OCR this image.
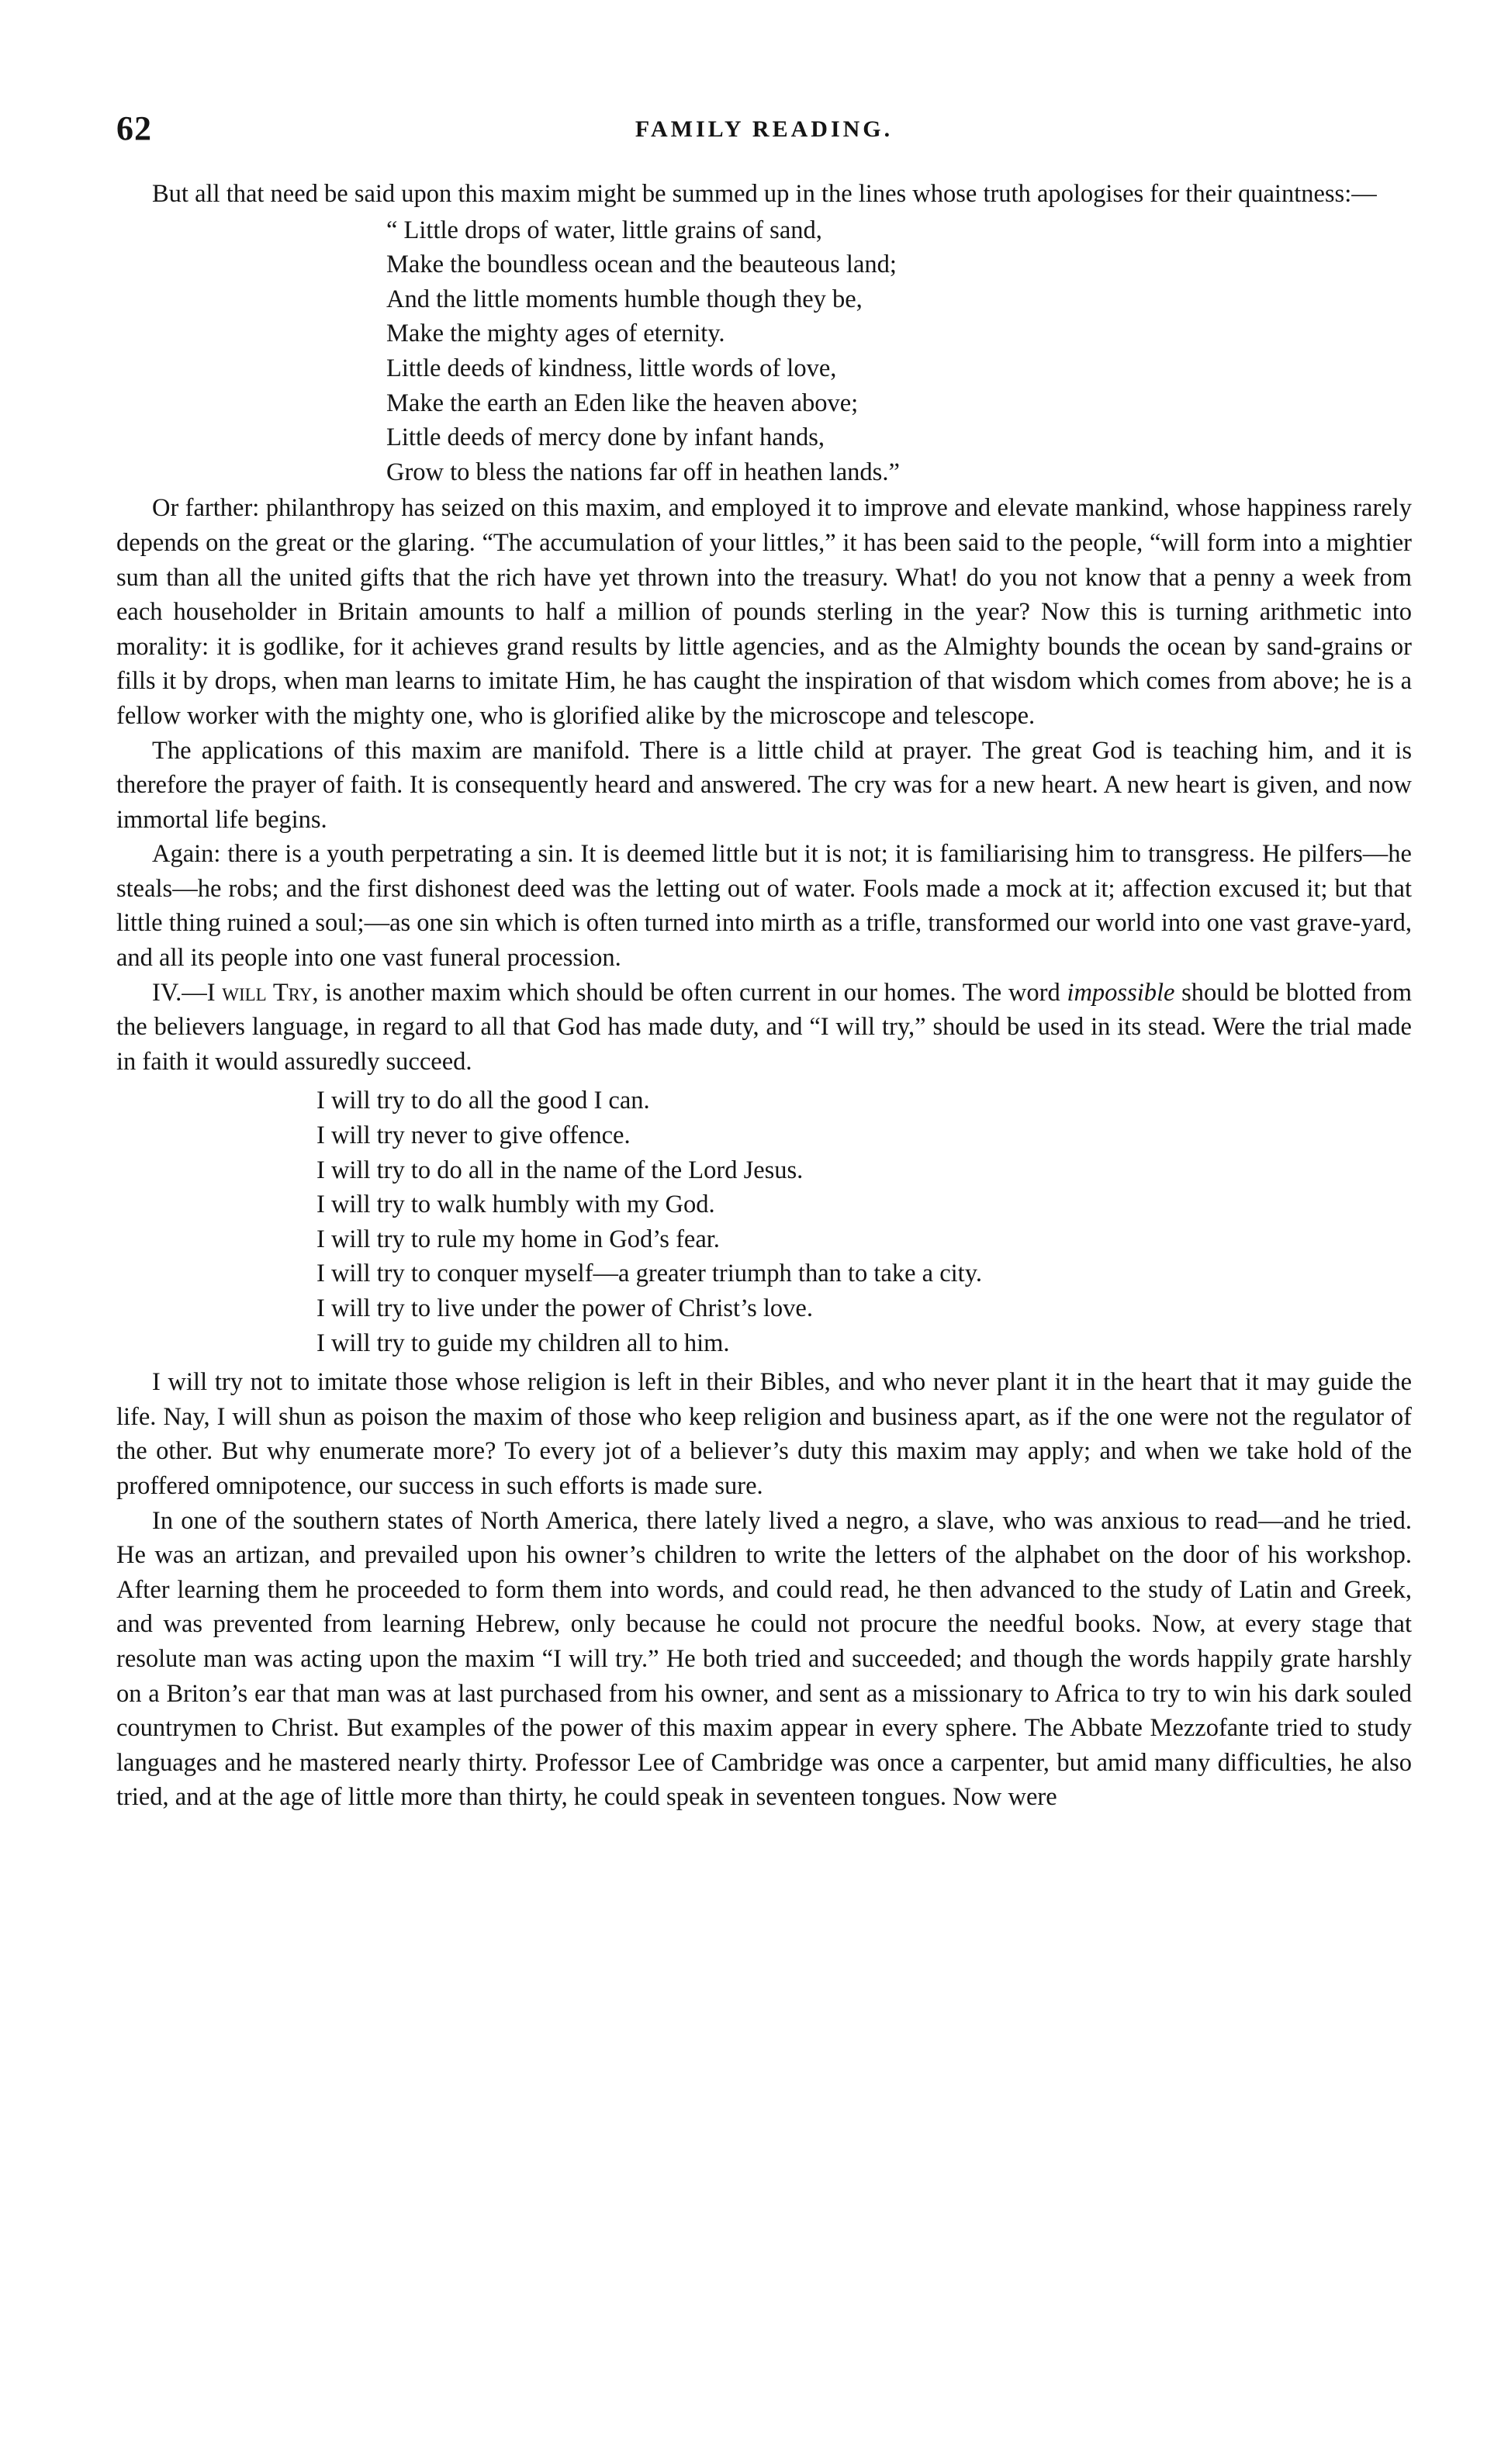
62	FAMILY READING.

But all that need be said upon this maxim might be summed up in the lines whose truth apologises for their quaintness:—

“ Little drops of water, little grains of sand,
Make the boundless ocean and the beauteous land;
And the little moments humble though they be,
Make the mighty ages of eternity.
Little deeds of kindness, little words of love,
Make the earth an Eden like the heaven above;
Little deeds of mercy done by infant hands,
Grow to bless the nations far off in heathen lands.”

Or farther: philanthropy has seized on this maxim, and employed it to improve and elevate mankind, whose happiness rarely depends on the great or the glaring. “The accumulation of your littles,” it has been said to the people, “will form into a mightier sum than all the united gifts that the rich have yet thrown into the treasury. What! do you not know that a penny a week from each householder in Britain amounts to half a million of pounds sterling in the year? Now this is turning arithmetic into morality: it is godlike, for it achieves grand results by little agencies, and as the Almighty bounds the ocean by sand-grains or fills it by drops, when man learns to imitate Him, he has caught the inspiration of that wisdom which comes from above; he is a fellow worker with the mighty one, who is glorified alike by the microscope and telescope.

The applications of this maxim are manifold. There is a little child at prayer. The great God is teaching him, and it is therefore the prayer of faith. It is consequently heard and answered. The cry was for a new heart. A new heart is given, and now immortal life begins.

Again: there is a youth perpetrating a sin. It is deemed little but it is not; it is familiarising him to transgress. He pilfers—he steals—he robs; and the first dishonest deed was the letting out of water. Fools made a mock at it; affection excused it; but that little thing ruined a soul;—as one sin which is often turned into mirth as a trifle, transformed our world into one vast grave-yard, and all its people into one vast funeral procession.

IV.—I will Try, is another maxim which should be often current in our homes. The word impossible should be blotted from the believers language, in regard to all that God has made duty, and “I will try,” should be used in its stead. Were the trial made in faith it would assuredly succeed.

I will try to do all the good I can.
I will try never to give offence.
I will try to do all in the name of the Lord Jesus.
I will try to walk humbly with my God.
I will try to rule my home in God’s fear.
I will try to conquer myself—a greater triumph than to take a city.
I will try to live under the power of Christ’s love.
I will try to guide my children all to him.

I will try not to imitate those whose religion is left in their Bibles, and who never plant it in the heart that it may guide the life. Nay, I will shun as poison the maxim of those who keep religion and business apart, as if the one were not the regulator of the other. But why enumerate more? To every jot of a believer’s duty this maxim may apply; and when we take hold of the proffered omnipotence, our success in such efforts is made sure.

In one of the southern states of North America, there lately lived a negro, a slave, who was anxious to read—and he tried. He was an artizan, and prevailed upon his owner’s children to write the letters of the alphabet on the door of his workshop. After learning them he proceeded to form them into words, and could read, he then advanced to the study of Latin and Greek, and was prevented from learning Hebrew, only because he could not procure the needful books. Now, at every stage that resolute man was acting upon the maxim “I will try.” He both tried and succeeded; and though the words happily grate harshly on a Briton’s ear that man was at last purchased from his owner, and sent as a missionary to Africa to try to win his dark souled countrymen to Christ. But examples of the power of this maxim appear in every sphere. The Abbate Mezzofante tried to study languages and he mastered nearly thirty. Professor Lee of Cambridge was once a carpenter, but amid many difficulties, he also tried, and at the age of little more than thirty, he could speak in seventeen tongues. Now were
